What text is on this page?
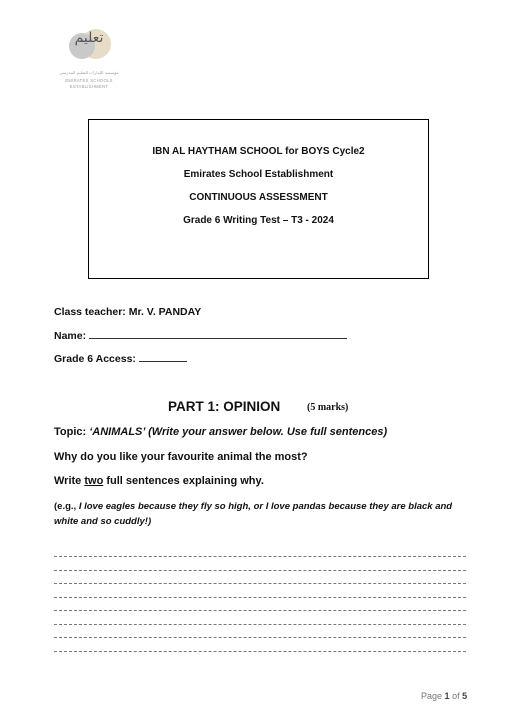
تعليم
مؤسسة الإمارات للتعليم المدرسي
EMIRATES SCHOOLS
ESTABLISHMENT
IBN AL HAYTHAM SCHOOL for BOYS Cycle2
Emirates School Establishment
CONTINUOUS ASSESSMENT
Grade 6 Writing Test – T3 - 2024
Class teacher: Mr. V. PANDAY
Name:
Grade 6 Access:
PART 1: OPINION	(5 marks)
Topic: ‘ANIMALS’ (Write your answer below. Use full sentences)
Why do you like your favourite animal the most?
Write two full sentences explaining why.
(e.g., I love eagles because they fly so high, or I love pandas because they are black and white and so cuddly!)
Page 1 of 5
